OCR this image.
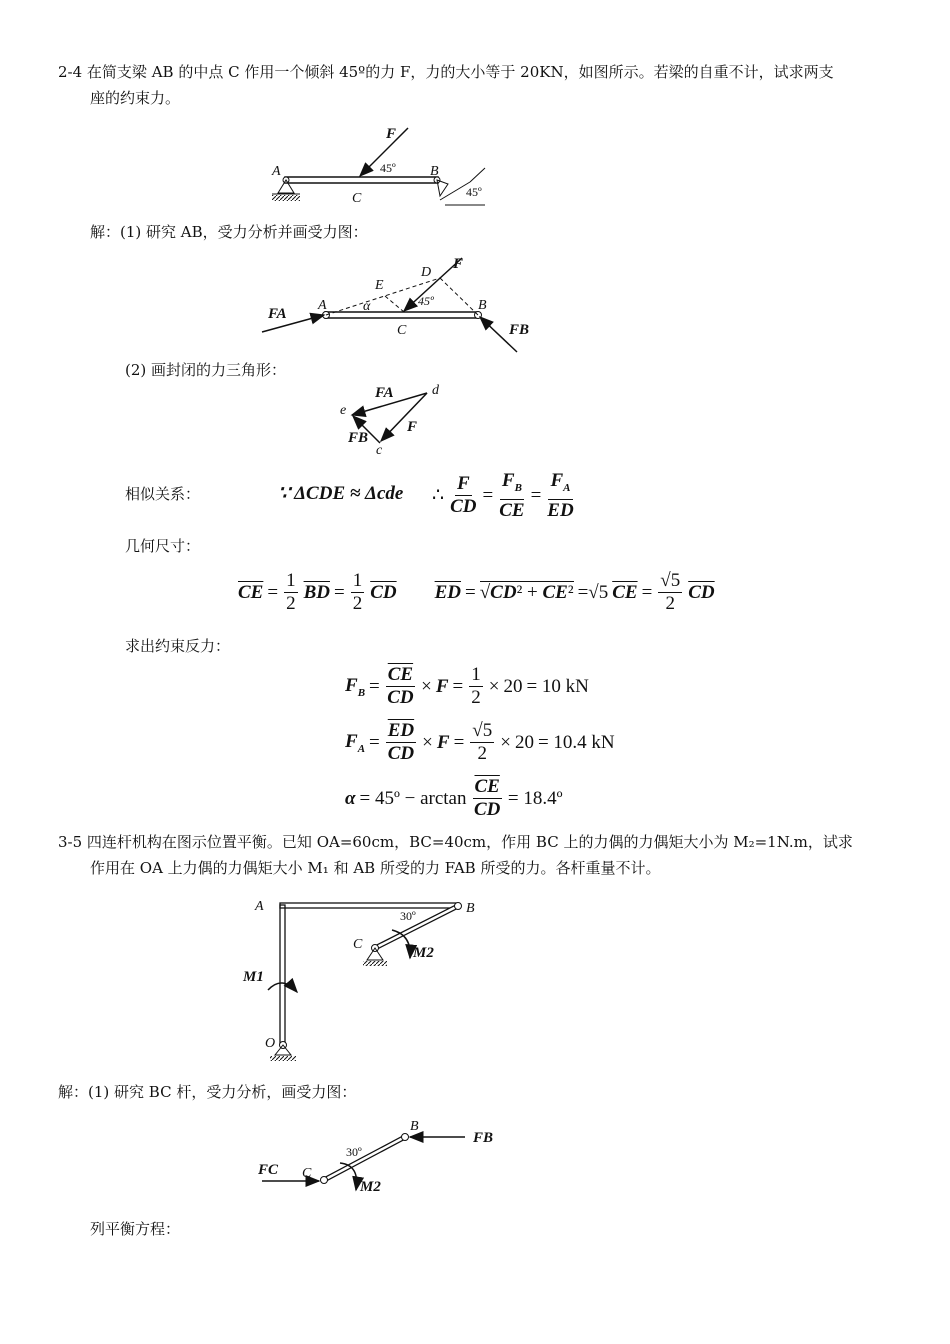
2-4 在简支梁 AB 的中点 C 作用一个倾斜 45º的力 F，力的大小等于 20KN，如图所示。若梁的自重不计，试求两支
座的约束力。
F
A	B
C
45º
45º
FA
FB
A	B
C
E
D
F
α	45º
d
e
c
FA
FB
F
A	B
C
O
M1
M2
30º
B
C
FB
FC
M2
30º
解：(1) 研究 AB，受力分析并画受力图：
(2) 画封闭的力三角形：
相似关系：	∵ ΔCDE ≈ Δcde ∴ $\frac{F}{CD} = \frac{F_B}{CE} = \frac{F_A}{ED}$
几何尺寸：
$\overline{CE} = \frac{1}{2} \overline{BD} = \frac{1}{2} \overline{CD}$ $\overline{ED} = √CD^2 + \overline{CE}^2 =√5$ $\overline{CE} = \frac{√5}{2} \overline{CD}$
求出约束反力：
$F_B = \frac{\overline{CE}}{CD} \times F = \frac{1}{2} \times 20 = 10$ kN
$F_A = \frac{\overline{ED}}{CD} \times F = \frac{√5}{2} \times 20 = 10.4$ kN
α = 45º − $\arctan \frac{\overline{CE}}{CD}$ = 18.4º
3-5 四连杆机构在图示位置平衡。已知 OA=60cm，BC=40cm，作用 BC 上的力偶的力偶矩大小为 M₂=1N.m，试求
作用在 OA 上力偶的力偶矩大小 M₁ 和 AB 所受的力 FAB 所受的力。各杆重量不计。
解：(1) 研究 BC 杆，受力分析，画受力图：
列平衡方程：
